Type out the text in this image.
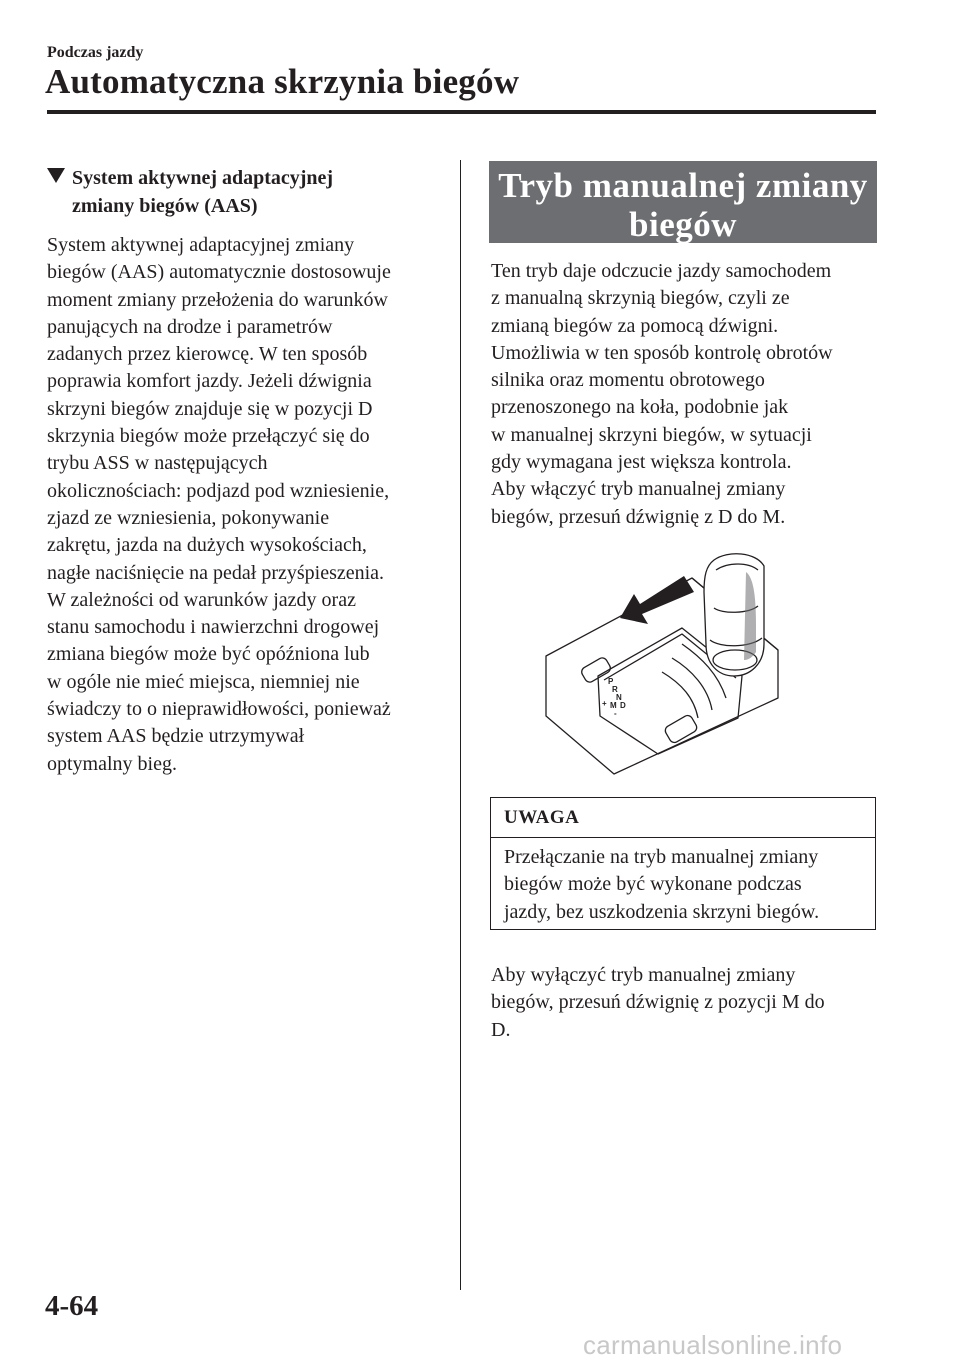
Podczas jazdy
Automatyczna skrzynia biegów
System aktywnej adaptacyjnej
zmiany biegów (AAS)
System aktywnej adaptacyjnej zmiany
biegów (AAS) automatycznie dostosowuje
moment zmiany przełożenia do warunków
panujących na drodze i parametrów
zadanych przez kierowcę. W ten sposób
poprawia komfort jazdy. Jeżeli dźwignia
skrzyni biegów znajduje się w pozycji D
skrzynia biegów może przełączyć się do
trybu ASS w następujących
okolicznościach: podjazd pod wzniesienie,
zjazd ze wzniesienia, pokonywanie
zakrętu, jazda na dużych wysokościach,
nagłe naciśnięcie na pedał przyśpieszenia.
W zależności od warunków jazdy oraz
stanu samochodu i nawierzchni drogowej
zmiana biegów może być opóźniona lub
w ogóle nie mieć miejsca, niemniej nie
świadczy to o nieprawidłowości, ponieważ
system AAS będzie utrzymywał
optymalny bieg.
Tryb manualnej zmiany
biegów
Ten tryb daje odczucie jazdy samochodem
z manualną skrzynią biegów, czyli ze
zmianą biegów za pomocą dźwigni.
Umożliwia w ten sposób kontrolę obrotów
silnika oraz momentu obrotowego
przenoszonego na koła, podobnie jak
w manualnej skrzyni biegów, w sytuacji
gdy wymagana jest większa kontrola.
Aby włączyć tryb manualnej zmiany
biegów, przesuń dźwignię z D do M.
P
R
N
D
M
+
-
UWAGA
Przełączanie na tryb manualnej zmiany
biegów może być wykonane podczas
jazdy, bez uszkodzenia skrzyni biegów.
Aby wyłączyć tryb manualnej zmiany
biegów, przesuń dźwignię z pozycji M do
D.
4-64
carmanualsonline.info
